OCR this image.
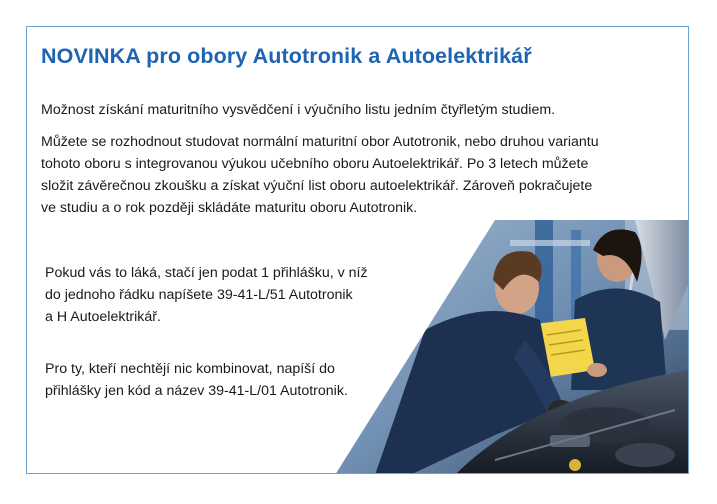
NOVINKA pro obory Autotronik a Autoelektrikář

Možnost získání maturitního vysvědčení i výučního listu jedním čtyřletým studiem.

Můžete se rozhodnout studovat normální maturitní obor Autotronik, nebo druhou variantu
tohoto oboru s integrovanou výukou učebního oboru Autoelektrikář. Po 3 letech můžete
složit závěrečnou zkoušku a získat výuční list oboru autoelektrikář. Zároveň pokračujete
ve studiu a o rok později skládáte maturitu oboru Autotronik.

Pokud vás to láká, stačí jen podat 1 přihlášku, v níž
do jednoho řádku napíšete 39-41-L/51 Autotronik
a H Autoelektrikář.

Pro ty, kteří nechtějí nic kombinovat, napíší do
přihlášky jen kód a název 39-41-L/01 Autotronik.
